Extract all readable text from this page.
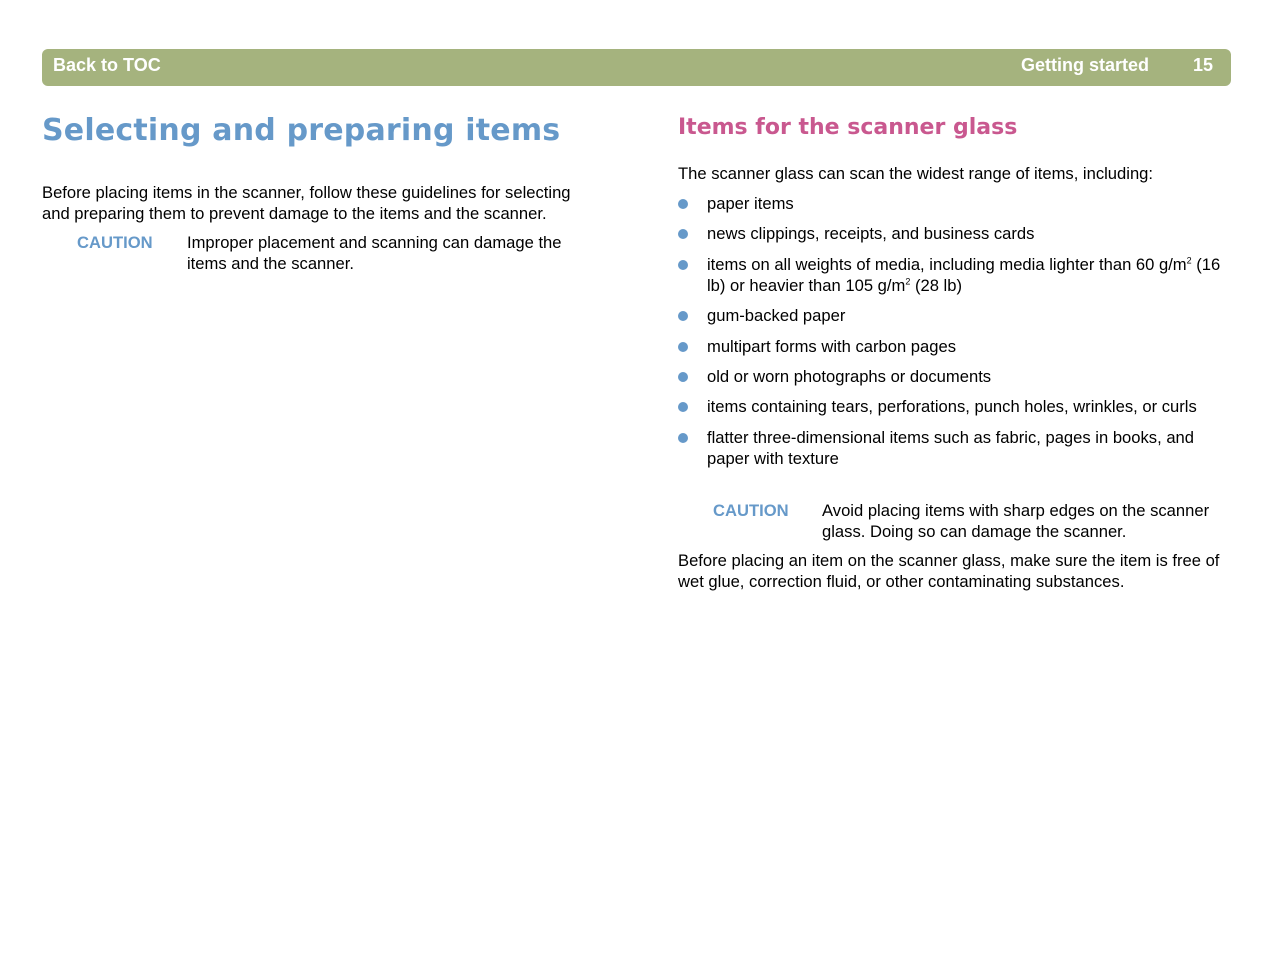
Back to TOC	Getting started 15
Selecting and preparing items

Before placing items in the scanner, follow these guidelines for selecting and preparing them to prevent damage to the items and the scanner.

CAUTION	Improper placement and scanning can damage the items and the scanner.
Items for the scanner glass

The scanner glass can scan the widest range of items, including:

paper items
news clippings, receipts, and business cards
items on all weights of media, including media lighter than 60 $g/m^2$ (16 lb) or heavier than 105 $g/m^2$ (28 lb)
gum-backed paper
multipart forms with carbon pages
old or worn photographs or documents
items containing tears, perforations, punch holes, wrinkles, or curls
flatter three-dimensional items such as fabric, pages in books, and paper with texture
CAUTION	Avoid placing items with sharp edges on the scanner glass. Doing so can damage the scanner.

Before placing an item on the scanner glass, make sure the item is free of wet glue, correction fluid, or other contaminating substances.
